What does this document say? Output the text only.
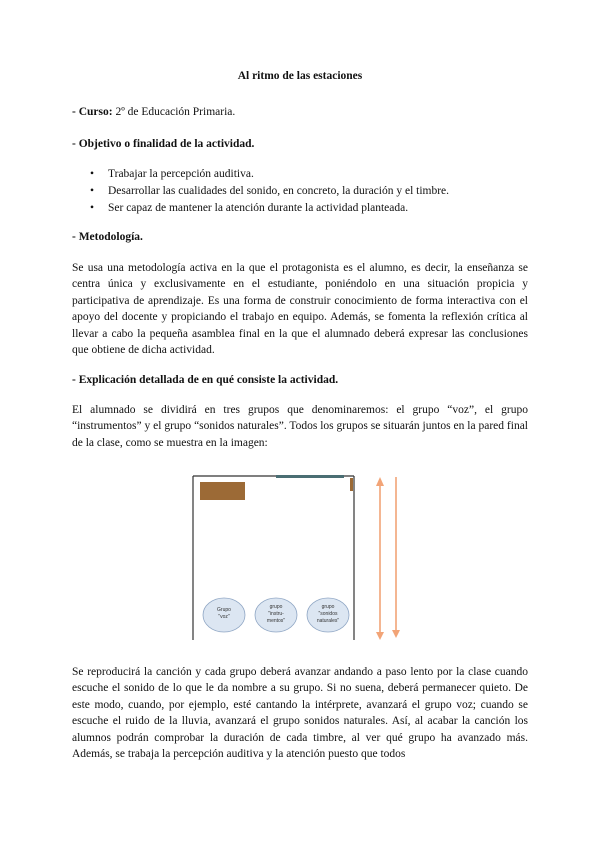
Al ritmo de las estaciones
- Curso: 2º de Educación Primaria.
- Objetivo o finalidad de la actividad.
• Trabajar la percepción auditiva.
• Desarrollar las cualidades del sonido, en concreto, la duración y el timbre.
• Ser capaz de mantener la atención durante la actividad planteada.
- Metodología.
Se usa una metodología activa en la que el protagonista es el alumno, es decir, la enseñanza se centra única y exclusivamente en el estudiante, poniéndolo en una situación propicia y participativa de aprendizaje. Es una forma de construir conocimiento de forma interactiva con el apoyo del docente y propiciando el trabajo en equipo. Además, se fomenta la reflexión crítica al llevar a cabo la pequeña asamblea final en la que el alumnado deberá expresar las conclusiones que obtiene de dicha actividad.
- Explicación detallada de en qué consiste la actividad.
El alumnado se dividirá en tres grupos que denominaremos: el grupo “voz”, el grupo “instrumentos” y el grupo “sonidos naturales”. Todos los grupos se situarán juntos en la pared final de la clase, como se muestra en la imagen:
Grupo
"voz"
grupo
"instru-
mentos"
grupo
"sonidos
naturales"
Se reproducirá la canción y cada grupo deberá avanzar andando a paso lento por la clase cuando escuche el sonido de lo que le da nombre a su grupo. Si no suena, deberá permanecer quieto. De este modo, cuando, por ejemplo, esté cantando la intérprete, avanzará el grupo voz; cuando se escuche el ruido de la lluvia, avanzará el grupo sonidos naturales. Así, al acabar la canción los alumnos podrán comprobar la duración de cada timbre, al ver qué grupo ha avanzado más. Además, se trabaja la percepción auditiva y la atención puesto que todos
